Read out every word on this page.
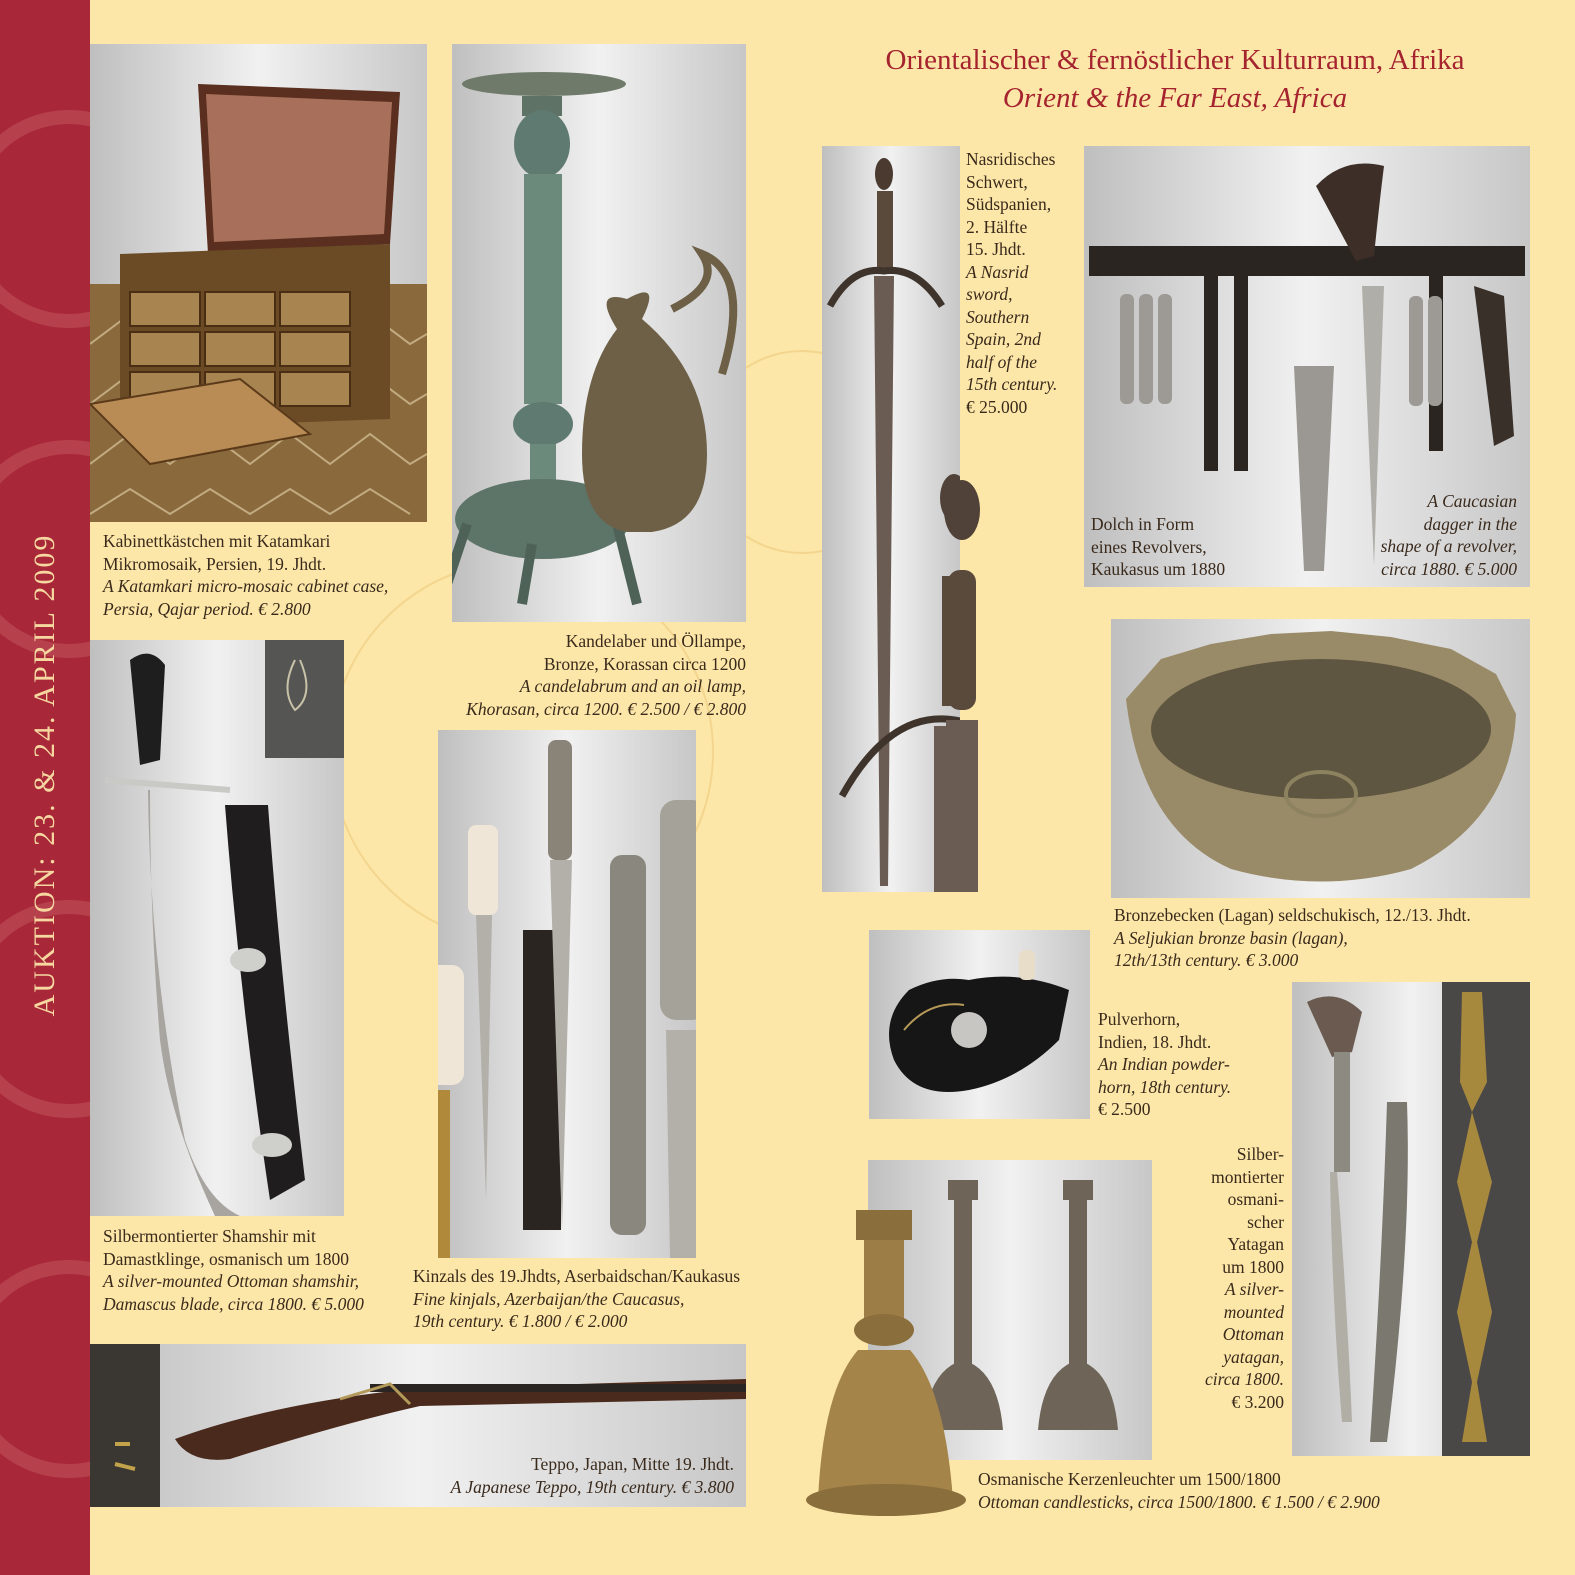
AUKTION: 23. & 24. APRIL 2009
Orientalischer & fernöstlicher Kulturraum, Afrika
Orient & the Far East, Africa
Kabinettkästchen mit Katamkari
Mikromosaik, Persien, 19. Jhdt.
A Katamkari micro-mosaic cabinet case,
Persia, Qajar period. € 2.800
Kandelaber und Öllampe,
Bronze, Korassan circa 1200
A candelabrum and an oil lamp,
Khorasan, circa 1200. € 2.500 / € 2.800
Nasridisches
Schwert,
Südspanien,
2. Hälfte
15. Jhdt.
A Nasrid
sword,
Southern
Spain, 2nd
half of the
15th century.
€ 25.000
Dolch in Form
eines Revolvers,
Kaukasus um 1880
A Caucasian
dagger in the
shape of a revolver,
circa 1880. € 5.000
Silbermontierter Shamshir mit
Damastklinge, osmanisch um 1800
A silver-mounted Ottoman shamshir,
Damascus blade, circa 1800. € 5.000
Kinzals des 19.Jhdts, Aserbaidschan/Kaukasus
Fine kinjals, Azerbaijan/the Caucasus,
19th century. € 1.800 / € 2.000
Bronzebecken (Lagan) seldschukisch, 12./13. Jhdt.
A Seljukian bronze basin (lagan),
12th/13th century. € 3.000
Pulverhorn,
Indien, 18. Jhdt.
An Indian powder-
horn, 18th century.
€ 2.500
Silber-
montierter
osmani-
scher
Yatagan
um 1800
A silver-
mounted
Ottoman
yatagan,
circa 1800.
€ 3.200
Teppo, Japan, Mitte 19. Jhdt.
A Japanese Teppo, 19th century. € 3.800	Osmanische Kerzenleuchter um 1500/1800
Ottoman candlesticks, circa 1500/1800. € 1.500 / € 2.900
